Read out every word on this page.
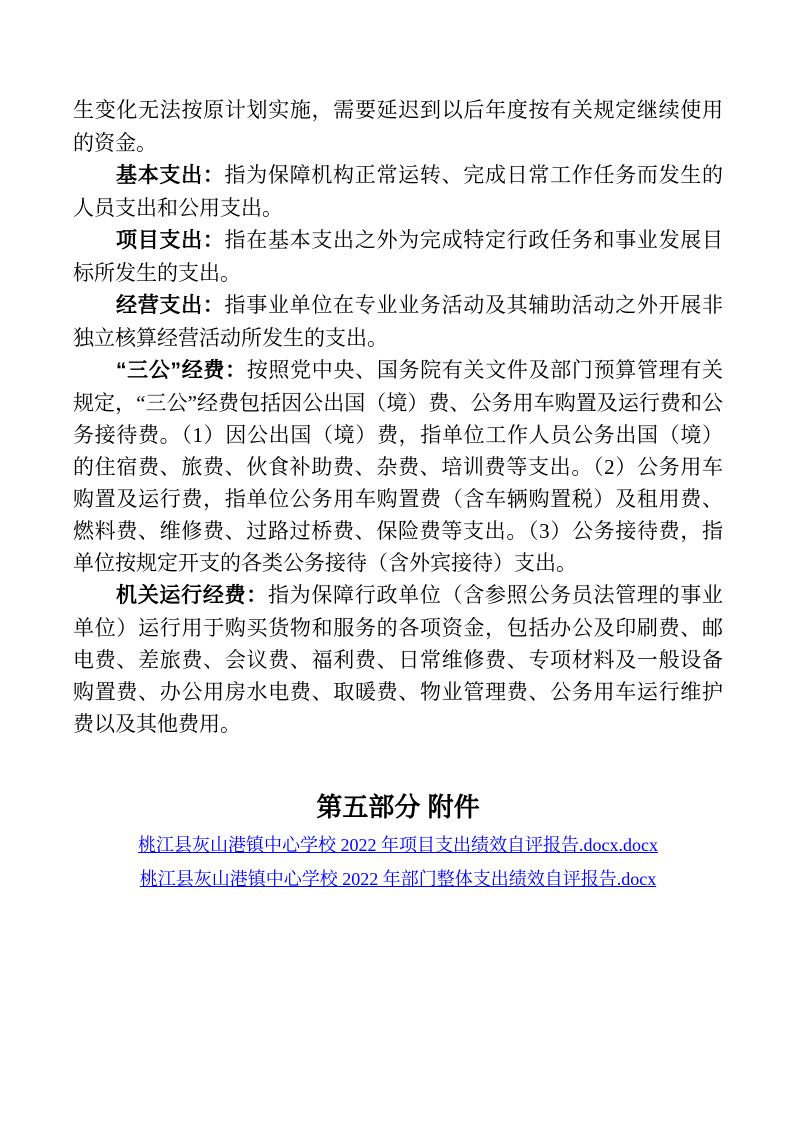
生变化无法按原计划实施，需要延迟到以后年度按有关规定继续使用的资金。

基本支出：指为保障机构正常运转、完成日常工作任务而发生的人员支出和公用支出。

项目支出：指在基本支出之外为完成特定行政任务和事业发展目标所发生的支出。

经营支出：指事业单位在专业业务活动及其辅助活动之外开展非独立核算经营活动所发生的支出。

“三公”经费：按照党中央、国务院有关文件及部门预算管理有关规定，“三公”经费包括因公出国（境）费、公务用车购置及运行费和公务接待费。（1）因公出国（境）费，指单位工作人员公务出国（境）的住宿费、旅费、伙食补助费、杂费、培训费等支出。（2）公务用车购置及运行费，指单位公务用车购置费（含车辆购置税）及租用费、燃料费、维修费、过路过桥费、保险费等支出。（3）公务接待费，指单位按规定开支的各类公务接待（含外宾接待）支出。

机关运行经费：指为保障行政单位（含参照公务员法管理的事业单位）运行用于购买货物和服务的各项资金，包括办公及印刷费、邮电费、差旅费、会议费、福利费、日常维修费、专项材料及一般设备购置费、办公用房水电费、取暖费、物业管理费、公务用车运行维护费以及其他费用。

第五部分 附件
桃江县灰山港镇中心学校 2022 年项目支出绩效自评报告.docx.docx
桃江县灰山港镇中心学校 2022 年部门整体支出绩效自评报告.docx
